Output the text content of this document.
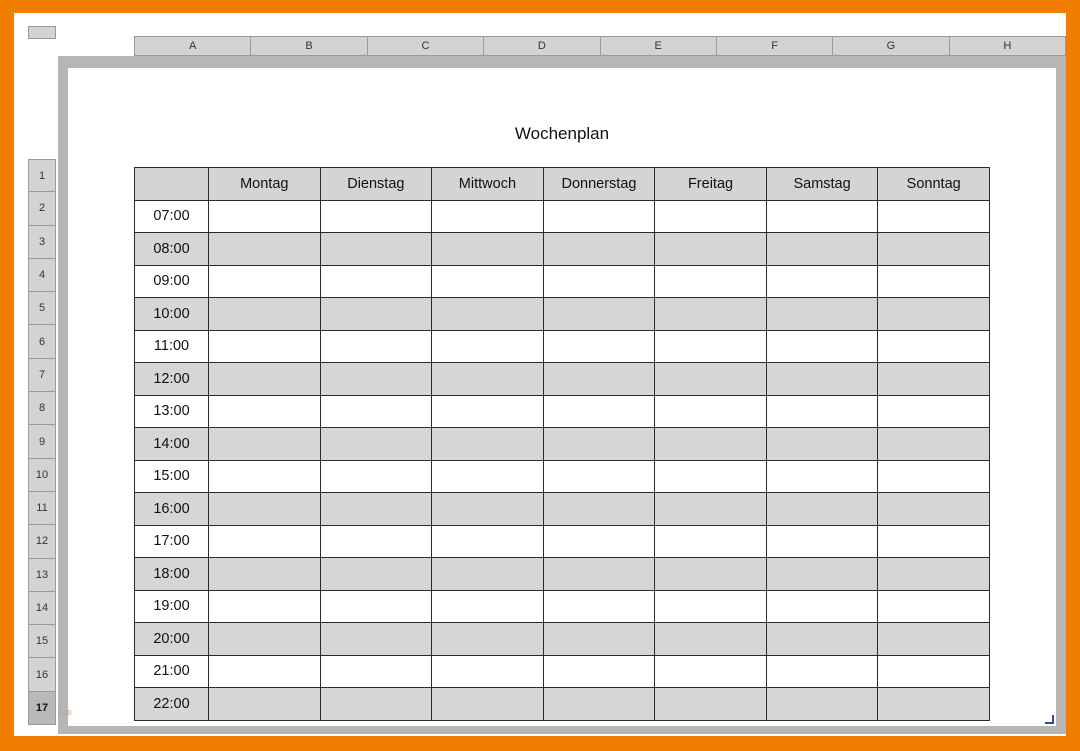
Wochenplan
	Montag	Dienstag	Mittwoch	Donnerstag	Freitag	Samstag	Sonntag
07:00							
08:00							
09:00							
10:00							
11:00							
12:00							
13:00							
14:00							
15:00							
16:00							
17:00							
18:00							
19:00							
20:00							
21:00							
22:00							
A	B	C	D	E	F	G	H
1
2
3
4
5
6
7
8
9
10
11
12
13
14
15
16
17	0,00
